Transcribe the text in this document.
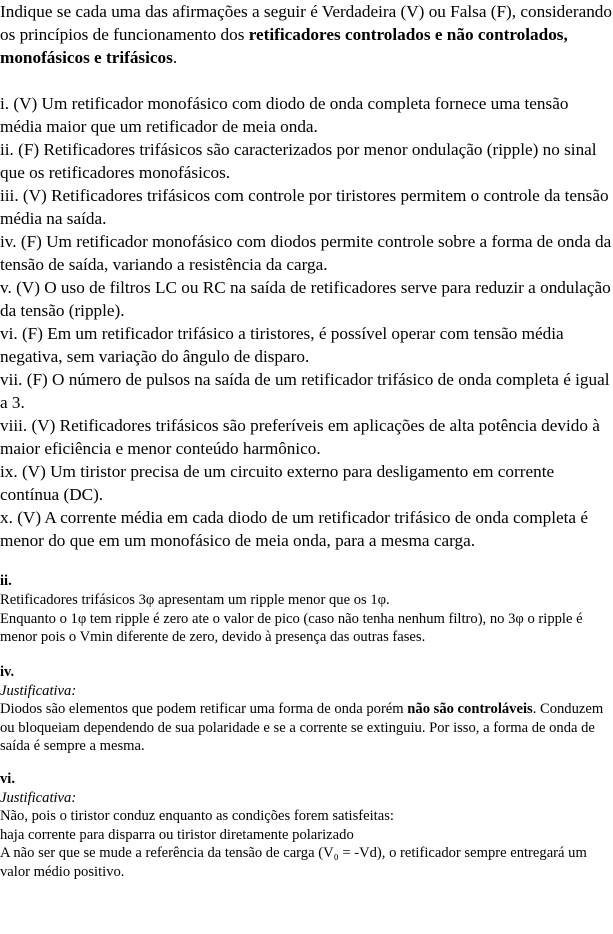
Indique se cada uma das afirmações a seguir é Verdadeira (V) ou Falsa (F), considerando os princípios de funcionamento dos retificadores controlados e não controlados, monofásicos e trifásicos.

i. (V) Um retificador monofásico com diodo de onda completa fornece uma tensão média maior que um retificador de meia onda.

ii. (F) Retificadores trifásicos são caracterizados por menor ondulação (ripple) no sinal que os retificadores monofásicos.

iii. (V) Retificadores trifásicos com controle por tiristores permitem o controle da tensão média na saída.

iv. (F) Um retificador monofásico com diodos permite controle sobre a forma de onda da tensão de saída, variando a resistência da carga.

v. (V) O uso de filtros LC ou RC na saída de retificadores serve para reduzir a ondulação da tensão (ripple).

vi. (F) Em um retificador trifásico a tiristores, é possível operar com tensão média negativa, sem variação do ângulo de disparo.

vii. (F) O número de pulsos na saída de um retificador trifásico de onda completa é igual a 3.

viii. (V) Retificadores trifásicos são preferíveis em aplicações de alta potência devido à maior eficiência e menor conteúdo harmônico.

ix. (V) Um tiristor precisa de um circuito externo para desligamento em corrente contínua (DC).

x. (V) A corrente média em cada diodo de um retificador trifásico de onda completa é menor do que em um monofásico de meia onda, para a mesma carga.

ii.

Retificadores trifásicos 3φ apresentam um ripple menor que os 1φ.

Enquanto o 1φ tem ripple é zero ate o valor de pico (caso não tenha nenhum filtro), no 3φ o ripple é menor pois o Vmin diferente de zero, devido à presença das outras fases.

iv.

Justificativa:

Diodos são elementos que podem retificar uma forma de onda porém não são controláveis. Conduzem ou bloqueiam dependendo de sua polaridade e se a corrente se extinguiu. Por isso, a forma de onda de saída é sempre a mesma.

vi.

Justificativa:

Não, pois o tiristor conduz enquanto as condições forem satisfeitas:

haja corrente para disparra ou tiristor diretamente polarizado

A não ser que se mude a referência da tensão de carga (V₀ = -Vd), o retificador sempre entregará um valor médio positivo.
